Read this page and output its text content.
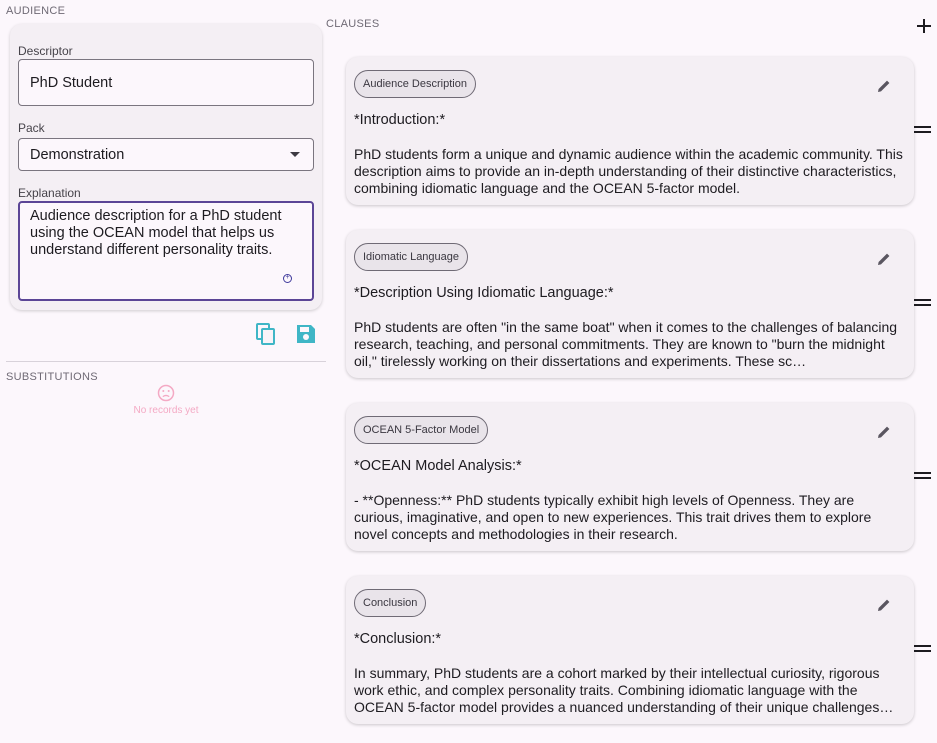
AUDIENCE
Descriptor
PhD Student
Pack
Demonstration
Explanation
Audience description for a PhD student using the OCEAN model that helps us understand different personality traits.
+
SUBSTITUTIONS
No records yet
CLAUSES
Audience Description
*Introduction:*
PhD students form a unique and dynamic audience within the academic community. This description aims to provide an in-depth understanding of their distinctive characteristics, combining idiomatic language and the OCEAN 5-factor model.
Idiomatic Language
*Description Using Idiomatic Language:*
PhD students are often "in the same boat" when it comes to the challenges of balancing research, teaching, and personal commitments. They are known to "burn the midnight oil," tirelessly working on their dissertations and experiments. These sc…
OCEAN 5-Factor Model
*OCEAN Model Analysis:*
- **Openness:** PhD students typically exhibit high levels of Openness. They are curious, imaginative, and open to new experiences. This trait drives them to explore novel concepts and methodologies in their research.
Conclusion
*Conclusion:*
In summary, PhD students are a cohort marked by their intellectual curiosity, rigorous work ethic, and complex personality traits. Combining idiomatic language with the OCEAN 5-factor model provides a nuanced understanding of their unique challenges…
